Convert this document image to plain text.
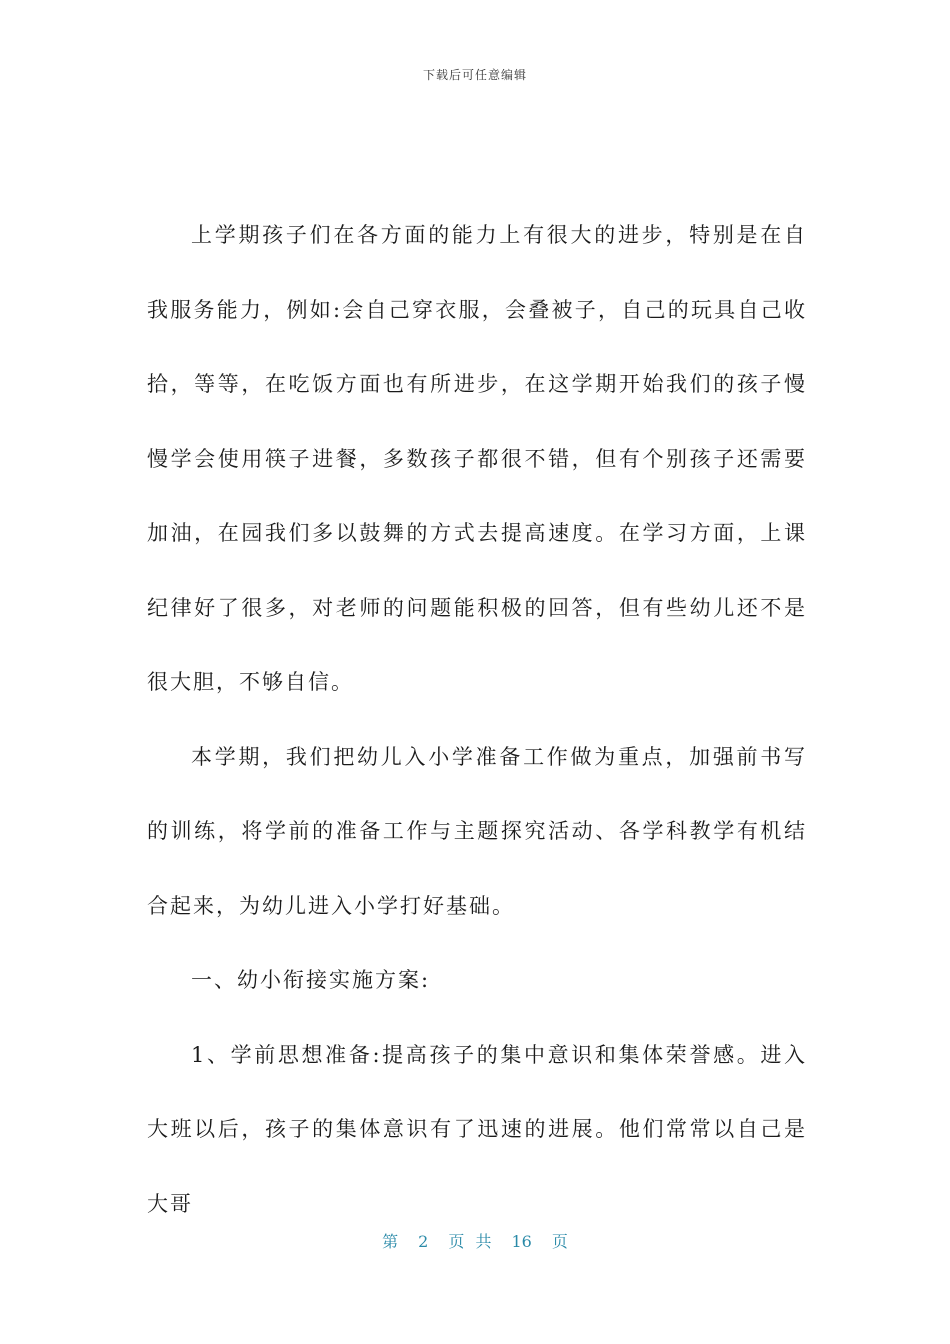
下载后可任意编辑

上学期孩子们在各方面的能力上有很大的进步，特别是在自我服务能力，例如:会自己穿衣服，会叠被子，自己的玩具自己收拾，等等，在吃饭方面也有所进步，在这学期开始我们的孩子慢慢学会使用筷子进餐，多数孩子都很不错，但有个别孩子还需要加油，在园我们多以鼓舞的方式去提高速度。在学习方面，上课纪律好了很多，对老师的问题能积极的回答，但有些幼儿还不是很大胆，不够自信。

本学期，我们把幼儿入小学准备工作做为重点，加强前书写的训练，将学前的准备工作与主题探究活动、各学科教学有机结合起来，为幼儿进入小学打好基础。

一、幼小衔接实施方案:

1、学前思想准备:提高孩子的集中意识和集体荣誉感。进入大班以后，孩子的集体意识有了迅速的进展。他们常常以自己是大哥

第 2 页 共 16 页
